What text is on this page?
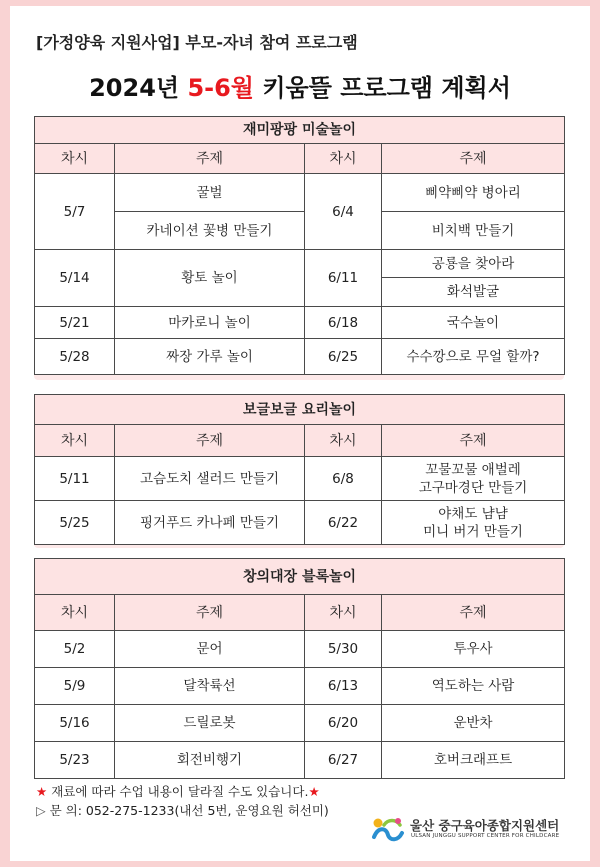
[가정양육 지원사업] 부모-자녀 참여 프로그램
2024년 5-6월 키움뜰 프로그램 계획서
재미팡팡 미술놀이			
차시	주제	차시	주제
5/7	꿀벌	6/4	삐약삐약 병아리
	카네이션 꽃병 만들기		비치백 만들기
5/14	황토 놀이	6/11	공룡을 찾아라
			화석발굴
5/21	마카로니 놀이	6/18	국수놀이
5/28	짜장 가루 놀이	6/25	수수깡으로 무얼 할까?
보글보글 요리놀이			
차시	주제	차시	주제
5/11	고슴도치 샐러드 만들기	6/8	꼬물꼬물 애벌레
고구마경단 만들기

5/25	핑거푸드 카나페 만들기	6/22	야채도 냠냠
미니 버거 만들기
창의대장 블록놀이			
차시	주제	차시	주제
5/2	문어	5/30	투우사
5/9	달착륙선	6/13	역도하는 사람
5/16	드릴로봇	6/20	운반차
5/23	회전비행기	6/27	호버크래프트
★ 재료에 따라 수업 내용이 달라질 수도 있습니다.★
▷ 문 의: 052-275-1233(내선 5번, 운영요원 허선미)
울산 중구육아종합지원센터
ULSAN JUNGGU SUPPORT CENTER FOR CHILDCARE
